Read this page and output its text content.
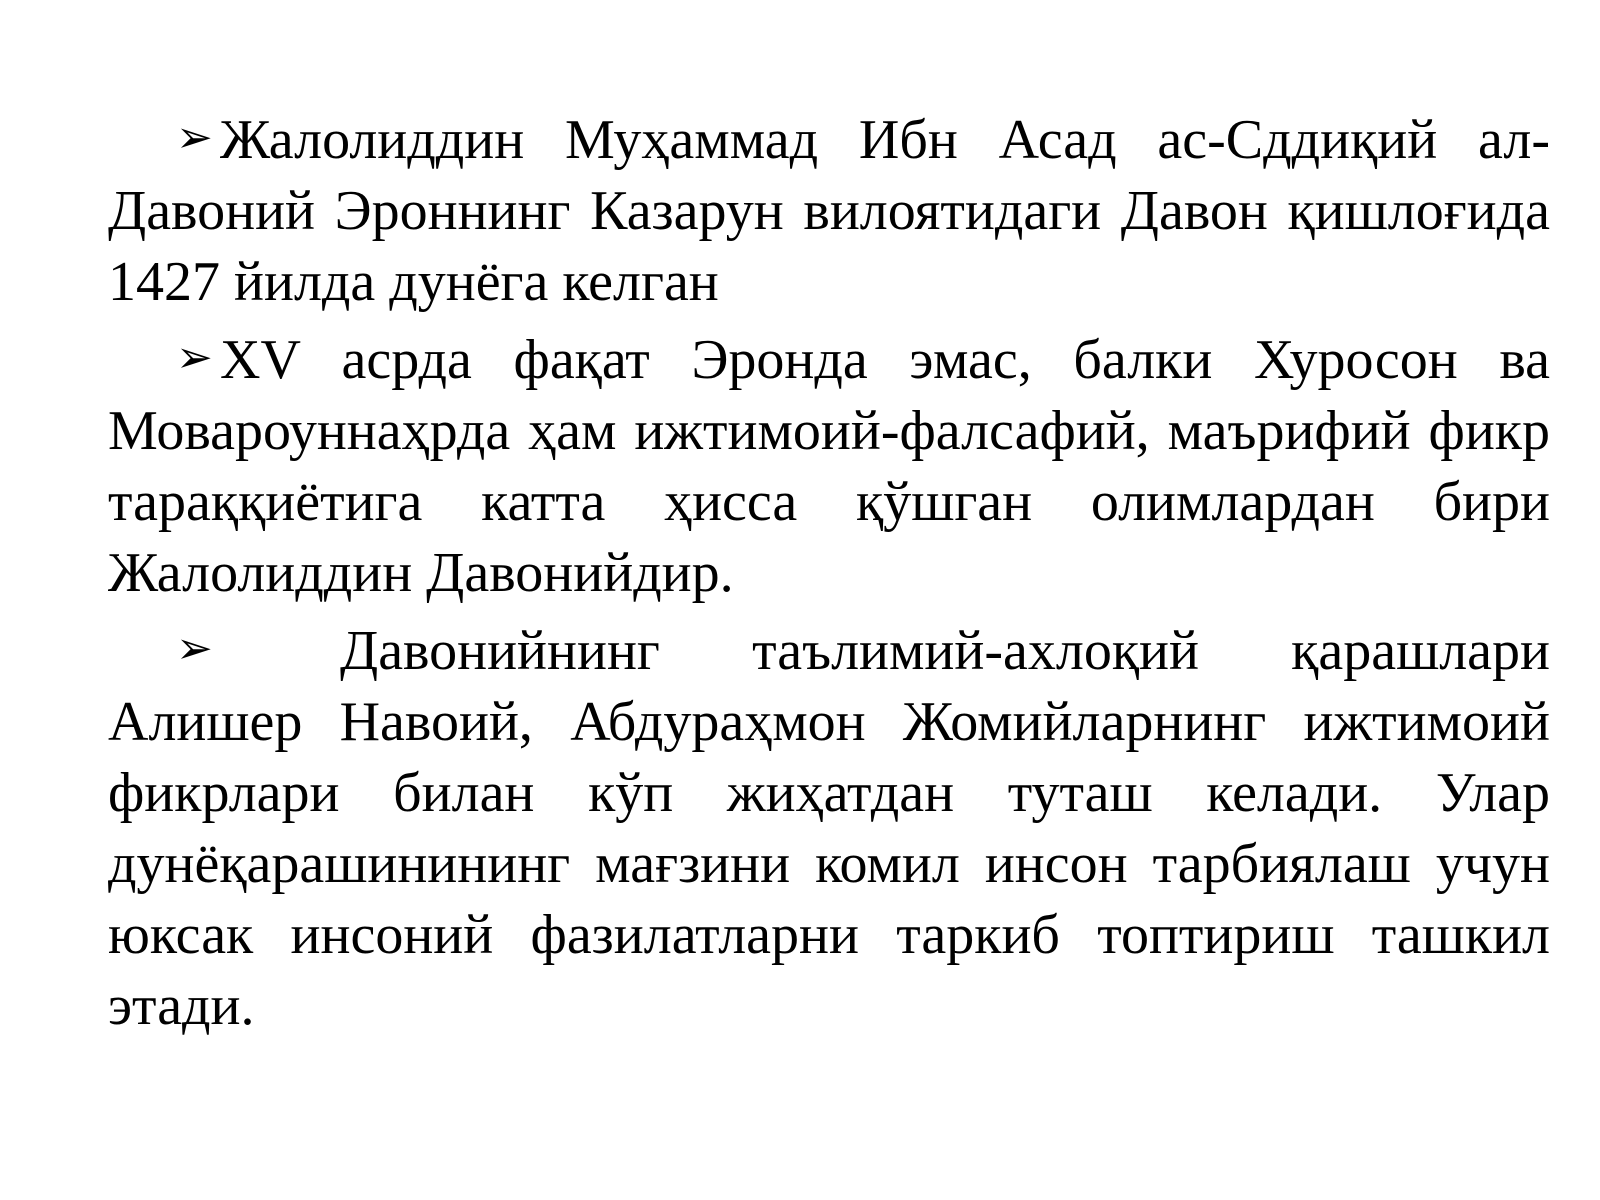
➢ Жалолиддин Муҳаммад Ибн Асад ас-Сддиқий ал-Давоний Эроннинг Казарун вилоятидаги Давон қишлоғида 1427 йилда дунёга келган

➢ XV асрда фақат Эронда эмас, балки Хуросон ва Мовароуннаҳрда ҳам ижтимоий-фалсафий, маърифий фикр тараққиётига катта ҳисса қўшган олимлардан бири Жалолиддин Давонийдир.

➢ Давонийнинг таълимий-ахлоқий қарашлари Алишер Навоий, Абдураҳмон Жомийларнинг ижтимоий фикрлари билан кўп жиҳатдан туташ келади. Улар дунёқарашинининг мағзини комил инсон тарбиялаш учун юксак инсоний фазилатларни таркиб топтириш ташкил этади.
